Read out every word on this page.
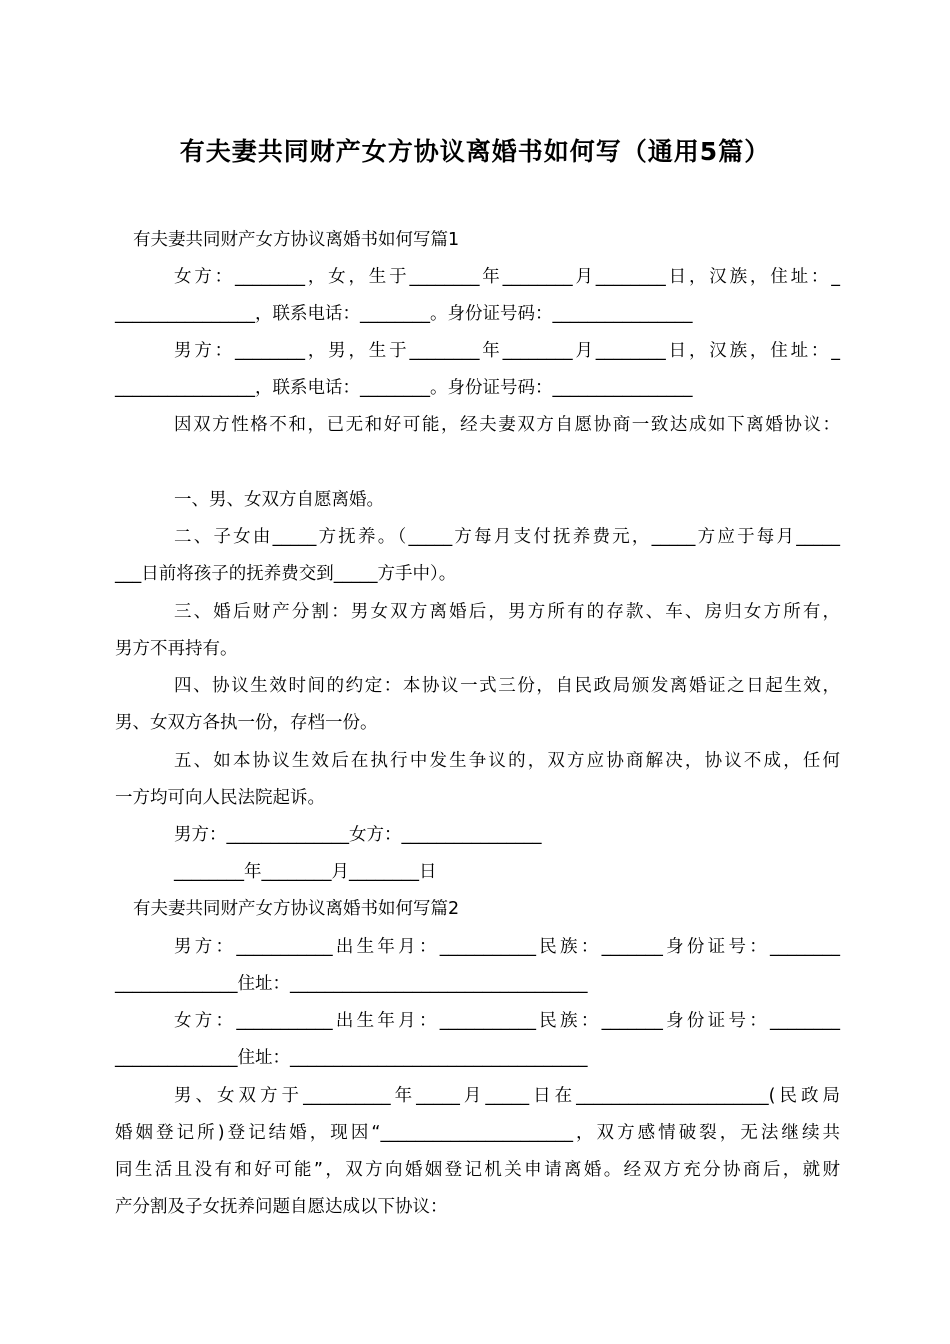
有夫妻共同财产女方协议离婚书如何写（通用5篇）
有夫妻共同财产女方协议离婚书如何写篇1
女方：________，女，生于________年________月________日，汉族，住址：_
________________，联系电话：________。身份证号码：________________
男方：________，男，生于________年________月________日，汉族，住址：_
________________，联系电话：________。身份证号码：________________
因双方性格不和，已无和好可能，经夫妻双方自愿协商一致达成如下离婚协议：
一、男、女双方自愿离婚。
二、子女由_____方抚养。（_____方每月支付抚养费元，_____方应于每月_____
___日前将孩子的抚养费交到_____方手中）。
三、婚后财产分割：男女双方离婚后，男方所有的存款、车、房归女方所有，
男方不再持有。
四、协议生效时间的约定：本协议一式三份，自民政局颁发离婚证之日起生效，
男、女双方各执一份，存档一份。
五、如本协议生效后在执行中发生争议的，双方应协商解决，协议不成，任何
一方均可向人民法院起诉。
男方：______________女方：________________
________年________月________日
有夫妻共同财产女方协议离婚书如何写篇2
男方：___________出生年月：___________民族：_______身份证号：________
______________住址：__________________________________
女方：___________出生年月：___________民族：_______身份证号：________
______________住址：__________________________________
男、女双方于__________年_____月_____日在______________________(民政局
婚姻登记所)登记结婚，现因“______________________，双方感情破裂，无法继续共
同生活且没有和好可能”，双方向婚姻登记机关申请离婚。经双方充分协商后，就财
产分割及子女抚养问题自愿达成以下协议：
